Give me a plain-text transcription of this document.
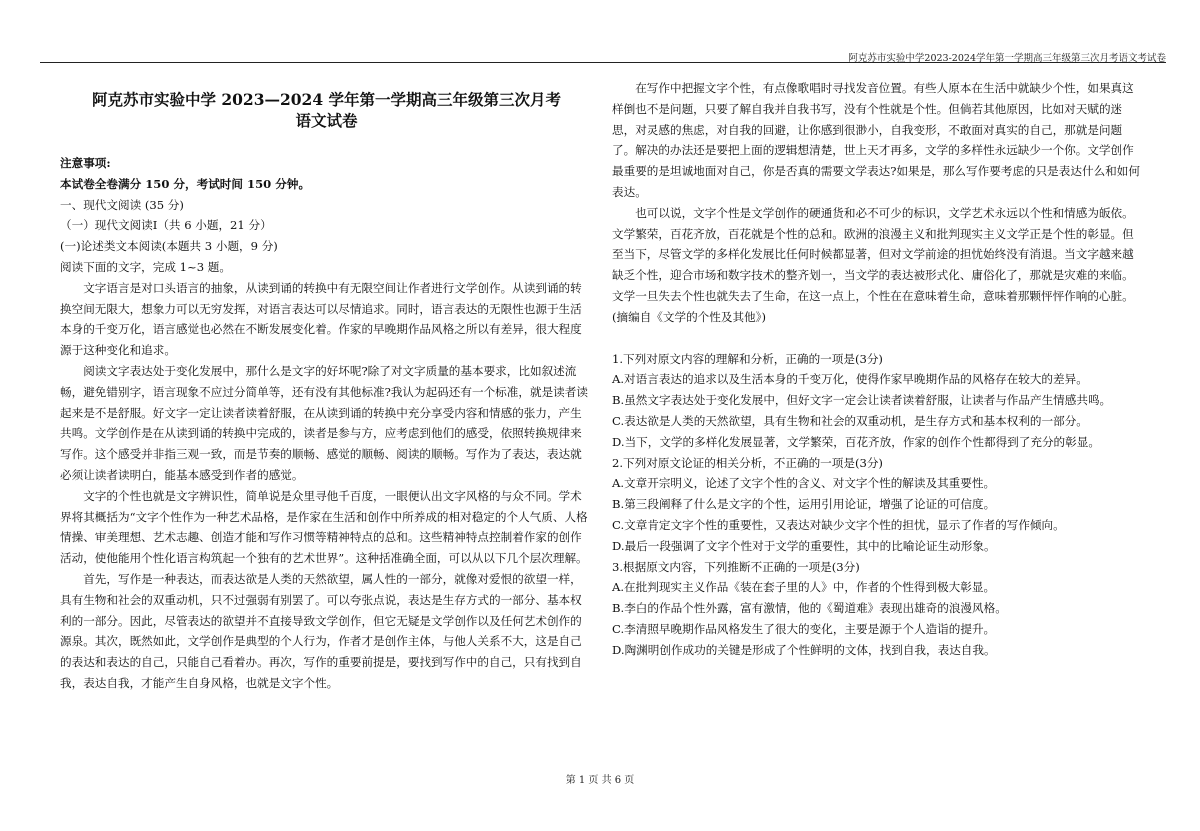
阿克苏市实验中学2023-2024学年第一学期高三年级第三次月考语文考试卷

阿克苏市实验中学 2023—2024 学年第一学期高三年级第三次月考

语文试卷

注意事项:

本试卷全卷满分 150 分，考试时间 150 分钟。

一、现代文阅读 (35 分)

（一）现代文阅读Ⅰ（共 6 小题，21 分）

(一)论述类文本阅读(本题共 3 小题，9 分)

阅读下面的文字，完成 1~3 题。

文字语言是对口头语言的抽象，从读到诵的转换中有无限空间让作者进行文学创作。从读到诵的转换空间无限大，想象力可以无穷发挥，对语言表达可以尽情追求。同时，语言表达的无限性也源于生活本身的千变万化，语言感觉也必然在不断发展变化着。作家的早晚期作品风格之所以有差异，很大程度源于这种变化和追求。

阅读文字表达处于变化发展中，那什么是文字的好坏呢?除了对文字质量的基本要求，比如叙述流畅，避免错别字，语言现象不应过分简单等，还有没有其他标准?我认为起码还有一个标准，就是读者读起来是不是舒服。好文字一定让读者读着舒服，在从读到诵的转换中充分享受内容和情感的张力，产生共鸣。文学创作是在从读到诵的转换中完成的，读者是参与方，应考虑到他们的感受，依照转换规律来写作。这个感受并非指三观一致，而是节奏的顺畅、感觉的顺畅、阅读的顺畅。写作为了表达，表达就必须让读者读明白，能基本感受到作者的感觉。

文字的个性也就是文字辨识性，简单说是众里寻他千百度，一眼便认出文字风格的与众不同。学术界将其概括为“文字个性作为一种艺术品格，是作家在生活和创作中所养成的相对稳定的个人气质、人格情操、审美理想、艺术志趣、创造才能和写作习惯等精神特点的总和。这些精神特点控制着作家的创作活动，使他能用个性化语言构筑起一个独有的艺术世界”。这种括准确全面，可以从以下几个层次理解。

首先，写作是一种表达，而表达欲是人类的天然欲望，属人性的一部分，就像对爱恨的欲望一样，具有生物和社会的双重动机，只不过强弱有别罢了。可以夸张点说，表达是生存方式的一部分、基本权利的一部分。因此，尽管表达的欲望并不直接导致文学创作，但它无疑是文学创作以及任何艺术创作的源泉。其次，既然如此，文学创作是典型的个人行为，作者才是创作主体，与他人关系不大，这是自己的表达和表达的自己，只能自己看着办。再次，写作的重要前提是，要找到写作中的自己，只有找到自我，表达自我，才能产生自身风格，也就是文字个性。

在写作中把握文字个性，有点像歌唱时寻找发音位置。有些人原本在生活中就缺少个性，如果真这样倒也不是问题，只要了解自我并自我书写，没有个性就是个性。但倘若其他原因，比如对天赋的迷思，对灵感的焦虑，对自我的回避，让你感到很渺小，自我变形，不敢面对真实的自己，那就是问题了。解决的办法还是要把上面的逻辑想清楚，世上天才再多，文学的多样性永远缺少一个你。文学创作最重要的是坦诚地面对自己，你是否真的需要文学表达?如果是，那么写作要考虑的只是表达什么和如何表达。

也可以说，文字个性是文学创作的硬通货和必不可少的标识，文学艺术永远以个性和情感为皈依。文学繁荣，百花齐放，百花就是个性的总和。欧洲的浪漫主义和批判现实主义文学正是个性的彰显。但至当下，尽管文学的多样化发展比任何时候都显著，但对文学前途的担忧始终没有消退。当文字越来越缺乏个性，迎合市场和数字技术的整齐划一，当文学的表达被形式化、庸俗化了，那就是灾难的来临。文学一旦失去个性也就失去了生命，在这一点上，个性在在意味着生命，意味着那颗怦怦作响的心脏。

(摘编自《文学的个性及其他》)

1.下列对原文内容的理解和分析，正确的一项是(3分)

A.对语言表达的追求以及生活本身的千变万化，使得作家早晚期作品的风格存在较大的差异。

B.虽然文字表达处于变化发展中，但好文字一定会让读者读着舒服，让读者与作品产生情感共鸣。

C.表达欲是人类的天然欲望，具有生物和社会的双重动机，是生存方式和基本权利的一部分。

D.当下，文学的多样化发展显著，文学繁荣，百花齐放，作家的创作个性都得到了充分的彰显。

2.下列对原文论证的相关分析，不正确的一项是(3分)

A.文章开宗明义，论述了文字个性的含义、对文字个性的解读及其重要性。

B.第三段阐释了什么是文字的个性，运用引用论证，增强了论证的可信度。

C.文章肯定文字个性的重要性，又表达对缺少文字个性的担忧，显示了作者的写作倾向。

D.最后一段强调了文字个性对于文学的重要性，其中的比喻论证生动形象。

3.根据原文内容，下列推断不正确的一项是(3分)

A.在批判现实主义作品《装在套子里的人》中，作者的个性得到极大彰显。

B.李白的作品个性外露，富有激情，他的《蜀道难》表现出雄奇的浪漫风格。

C.李清照早晚期作品风格发生了很大的变化，主要是源于个人造诣的提升。

D.陶渊明创作成功的关键是形成了个性鲜明的文体，找到自我，表达自我。

第 1 页 共 6 页
